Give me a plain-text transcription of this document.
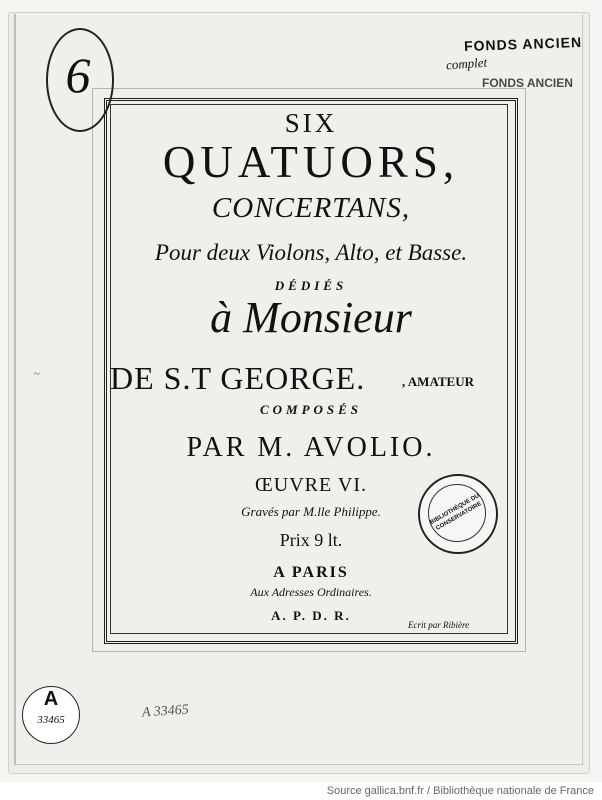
6
FONDS ANCIEN
complet
FONDS ANCIEN
SIX
QUATUORS,
CONCERTANS,
Pour deux Violons, Alto, et Basse.
DÉDIÉS
à Monsieur
DE S.T GEORGE.	, AMATEUR
COMPOSÉS
PAR M. AVOLIO.
ŒUVRE VI.
Gravés par M.lle Philippe.
Prix 9 lt.
A PARIS
Aux Adresses Ordinaires.
A. P. D. R.
Ecrit par Ribière
BIBLIOTHÈQUE DU CONSERVATOIRE
~
A
33465	A 33465
Source gallica.bnf.fr / Bibliothèque nationale de France
